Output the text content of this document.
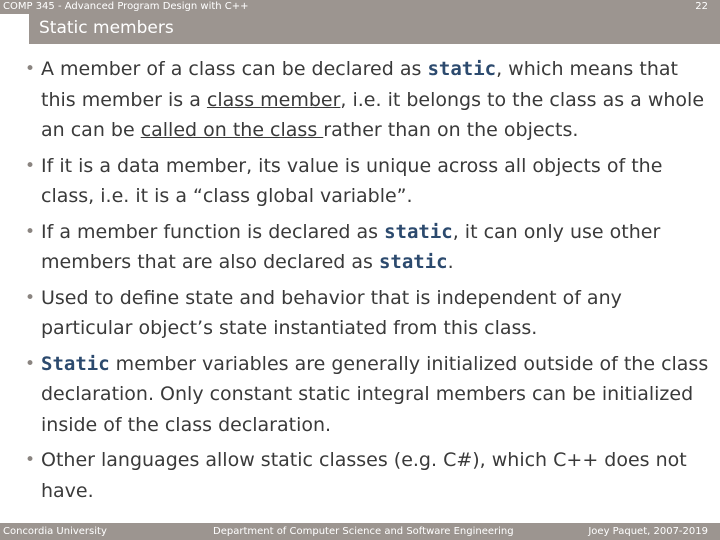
COMP 345 - Advanced Program Design with C++	22
Static members
• A member of a class can be declared as static, which means that this member is a class member, i.e. it belongs to the class as a whole an can be called on the class rather than on the objects.
• If it is a data member, its value is unique across all objects of the class, i.e. it is a “class global variable”.
• If a member function is declared as static, it can only use other members that are also declared as static.
• Used to define state and behavior that is independent of any particular object’s state instantiated from this class.
• Static member variables are generally initialized outside of the class declaration. Only constant static integral members can be initialized inside of the class declaration.
• Other languages allow static classes (e.g. C#), which C++ does not have.
Concordia University	Department of Computer Science and Software Engineering	Joey Paquet, 2007-2019
